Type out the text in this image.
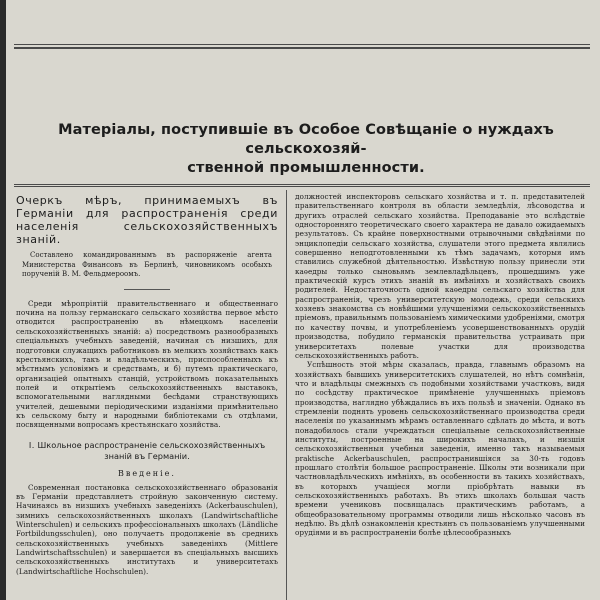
Матеріалы, поступившіе въ Особое Совѣщаніе о нуждахъ сельскохозяй-
ственной промышленности.
Очеркъ мѣръ, принимаемыхъ въ Германіи для распространенія среди населенія сельскохозяйственныхъ знаній.
Составлено командированнымъ въ распоряженіе агента Министерства Финансовъ въ Берлинѣ, чиновникомъ особыхъ порученій В. М. Фельдмероомъ.

Среди мѣропріятій правительственнаго и общественнаго почина на пользу германскаго сельскаго хозяйства первое мѣсто отводится распространенію въ нѣмецкомъ населеніи сельскохозяйственныхъ знаній: а) посредствомъ разнообразныхъ спеціальныхъ учебныхъ заведеній, начиная съ низшихъ, для подготовки служащихъ работниковъ въ мелкихъ хозяйствахъ какъ крестьянскихъ, такъ и владѣльческихъ, приспособленныхъ къ мѣстнымъ условіямъ и средствамъ, и б) путемъ практическаго, организаціей опытныхъ станцій, устройствомъ показательныхъ полей и открытіемъ сельскохозяйственныхъ выставокъ, вспомогательными наглядными бесѣдами странствующихъ учителей, дешевыми періодическими изданіями примѣнительно къ сельскому быту и народными библіотеками съ отдѣлами, посвященными вопросамъ крестьянскаго хозяйства.

I. Школьное распространеніе сельскохозяйственныхъ знаній въ Германіи.
Введеніе.

Современная постановка сельскохозяйственнаго образованія въ Германіи представляетъ стройную законченную систему. Начинаясь въ низшихъ учебныхъ заведеніяхъ (Ackerbauschulen), зимнихъ сельскохозяйственныхъ школахъ (Landwirtschaftliche Winterschulen) и сельскихъ профессіональныхъ школахъ (Ländliche Fortbildungsschulen), оно получаетъ продолженіе въ среднихъ сельскохозяйственныхъ учебныхъ заведеніяхъ (Mittlere Landwirtschaftsschulen) и завершается въ спеціальныхъ высшихъ сельскохозяйственныхъ институтахъ и университетахъ (Landwirtschaftliche Hochschulen).

должностей инспекторовъ сельскаго хозяйства и т. п. представителей правительственнаго контроля въ области земледѣлія, лѣсоводства и другихъ отраслей сельскаго хозяйства. Преподаваніе это вслѣдствіе односторонняго теоретическаго своего характера не давало ожидаемыхъ результатовъ. Съ крайне поверхностными отрывочными свѣдѣніями по энциклопедіи сельскаго хозяйства, слушатели этого предмета являлись совершенно неподготовленными къ тѣмъ задачамъ, которыя имъ ставились служебной дѣятельностью. Извѣстную пользу принесли эти каѳедры только сыновьямъ землевладѣльцевъ, прошедшимъ уже практическій курсъ этихъ знаній въ имѣніяхъ и хозяйствахъ своихъ родителей. Недостаточность одной каѳедры сельскаго хозяйства для распространенія, чрезъ университетскую молодежь, среди сельскихъ хозяевъ знакомства съ новѣйшими улучшеніями сельскохозяйственныхъ пріемовъ, правильнымъ пользованіемъ химическими удобреніями, смотря по качеству почвы, и употребленіемъ усовершенствованныхъ орудій производства, побудило германскія правительства устраивать при университетахъ полевые участки для производства сельскохозяйственныхъ работъ.

Успѣшность этой мѣры сказалась, правда, главнымъ образомъ на хозяйствахъ бывшихъ университетскихъ слушателей, но нѣтъ сомнѣнія, что и владѣльцы смежныхъ съ подобными хозяйствами участковъ, видя по сосѣдству практическое примѣненіе улучшенныхъ пріемовъ производства, наглядно убѣждались въ ихъ пользѣ и значеніи. Однако въ стремленіи поднять уровень сельскохозяйственнаго производства среди населенія по указаннымъ мѣрамъ оставленнаго сдѣлать до мѣста, и вотъ понадобилось стали учреждаться спеціальные сельскохозяйственные институты, построенные на широкихъ началахъ, и низшія сельскохозяйственныя учебныя заведенія, именно такъ называемыя praktische Ackerbauschulen, распространившіяся за 30-ть годовъ прошлаго столѣтія большое распространеніе. Школы эти возникали при частновладѣльческихъ имѣніяхъ, въ особенности въ такихъ хозяйствахъ, въ которыхъ учащіеся могли пріобрѣтать навыки въ сельскохозяйственныхъ работахъ. Въ этихъ школахъ большая часть времени учениковъ посвящалась практическимъ работамъ, а общеобразовательному программы отводили лишь нѣсколько часовъ въ недѣлю. Въ дѣлѣ ознакомленія крестьянъ съ пользованіемъ улучшенными орудіями и въ распространеніи болѣе цѣлесообразныхъ
